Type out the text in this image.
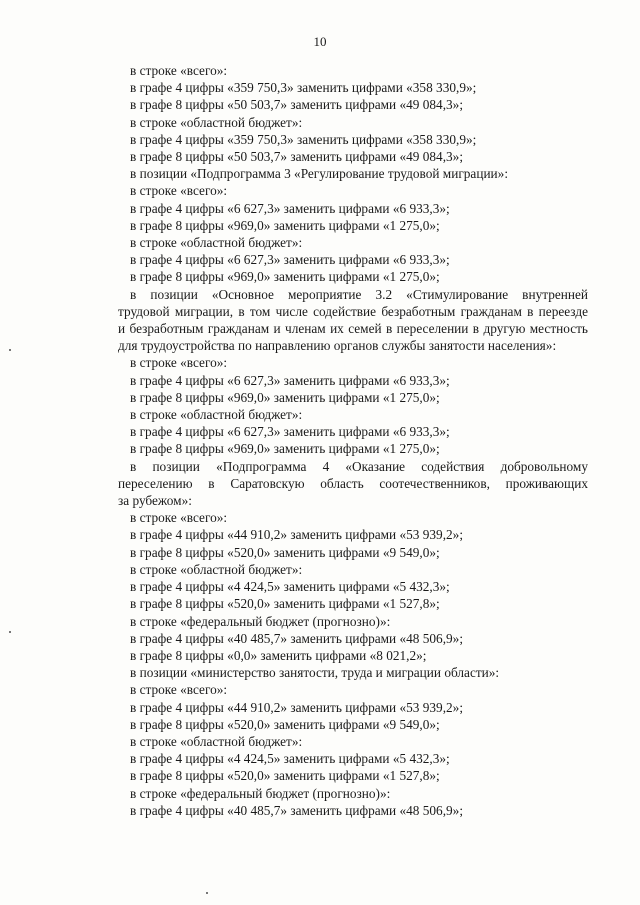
10
в строке «всего»:
в графе 4 цифры «359 750,3» заменить цифрами «358 330,9»;
в графе 8 цифры «50 503,7» заменить цифрами «49 084,3»;
в строке «областной бюджет»:
в графе 4 цифры «359 750,3» заменить цифрами «358 330,9»;
в графе 8 цифры «50 503,7» заменить цифрами «49 084,3»;
в позиции «Подпрограмма 3 «Регулирование трудовой миграции»:
в строке «всего»:
в графе 4 цифры «6 627,3» заменить цифрами «6 933,3»;
в графе 8 цифры «969,0» заменить цифрами «1 275,0»;
в строке «областной бюджет»:
в графе 4 цифры «6 627,3» заменить цифрами «6 933,3»;
в графе 8 цифры «969,0» заменить цифрами «1 275,0»;
в позиции «Основное мероприятие 3.2 «Стимулирование внутренней
трудовой миграции, в том числе содействие безработным гражданам в переезде
и безработным гражданам и членам их семей в переселении в другую местность
для трудоустройства по направлению органов службы занятости населения»:
в строке «всего»:
в графе 4 цифры «6 627,3» заменить цифрами «6 933,3»;
в графе 8 цифры «969,0» заменить цифрами «1 275,0»;
в строке «областной бюджет»:
в графе 4 цифры «6 627,3» заменить цифрами «6 933,3»;
в графе 8 цифры «969,0» заменить цифрами «1 275,0»;
в позиции «Подпрограмма 4 «Оказание содействия добровольному
переселению в Саратовскую область соотечественников, проживающих
за рубежом»:
в строке «всего»:
в графе 4 цифры «44 910,2» заменить цифрами «53 939,2»;
в графе 8 цифры «520,0» заменить цифрами «9 549,0»;
в строке «областной бюджет»:
в графе 4 цифры «4 424,5» заменить цифрами «5 432,3»;
в графе 8 цифры «520,0» заменить цифрами «1 527,8»;
в строке «федеральный бюджет (прогнозно)»:
в графе 4 цифры «40 485,7» заменить цифрами «48 506,9»;
в графе 8 цифры «0,0» заменить цифрами «8 021,2»;
в позиции «министерство занятости, труда и миграции области»:
в строке «всего»:
в графе 4 цифры «44 910,2» заменить цифрами «53 939,2»;
в графе 8 цифры «520,0» заменить цифрами «9 549,0»;
в строке «областной бюджет»:
в графе 4 цифры «4 424,5» заменить цифрами «5 432,3»;
в графе 8 цифры «520,0» заменить цифрами «1 527,8»;
в строке «федеральный бюджет (прогнозно)»:
в графе 4 цифры «40 485,7» заменить цифрами «48 506,9»;
